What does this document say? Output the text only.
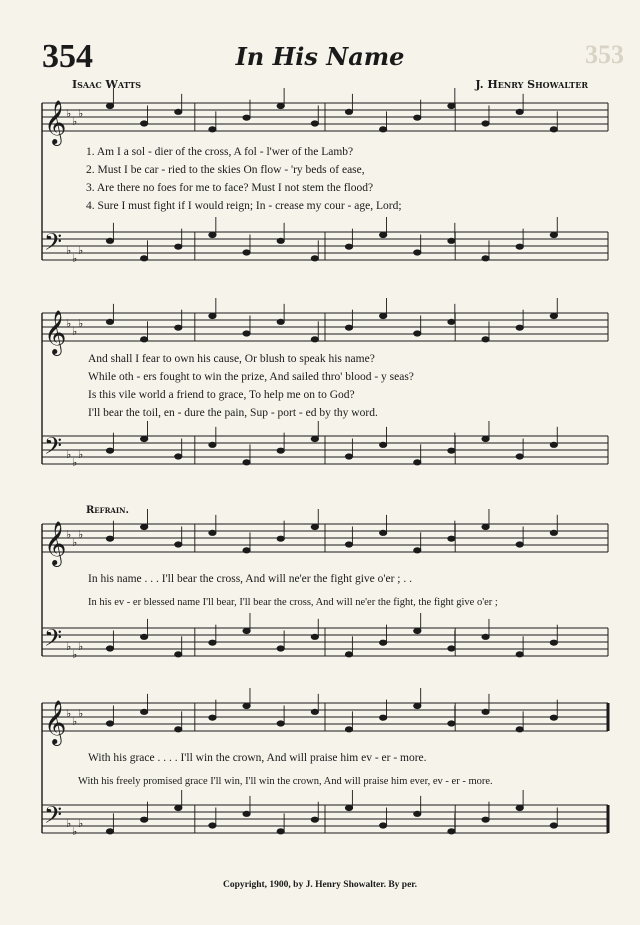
353
354	In His Name
Isaac Watts	J. Henry Showalter
𝄞 ♭
♭
♭
𝄢 ♭
♭
♭
𝄞 ♭
♭
♭
𝄢 ♭
♭
♭
𝄞 ♭
♭
♭
𝄢 ♭
♭
♭
𝄞 ♭
♭
♭
𝄢 ♭
♭
♭
1. Am I a sol - dier of the cross, A fol - l'wer of the Lamb?
2. Must I be car - ried to the skies On flow - 'ry beds of ease,
3. Are there no foes for me to face? Must I not stem the flood?
4. Sure I must fight if I would reign; In - crease my cour - age, Lord;
And shall I fear to own his cause, Or blush to speak his name?
While oth - ers fought to win the prize, And sailed thro' blood - y seas?
Is this vile world a friend to grace, To help me on to God?
I'll bear the toil, en - dure the pain, Sup - port - ed by thy word.
Refrain.
In his name . . . I'll bear the cross, And will ne'er the fight give o'er ; . .
In his ev - er blessed name I'll bear, I'll bear the cross, And will ne'er the fight, the fight give o'er ;
With his grace . . . . I'll win the crown, And will praise him ev - er - more.
With his freely promised grace I'll win, I'll win the crown, And will praise him ever, ev - er - more.
Copyright, 1900, by J. Henry Showalter. By per.
